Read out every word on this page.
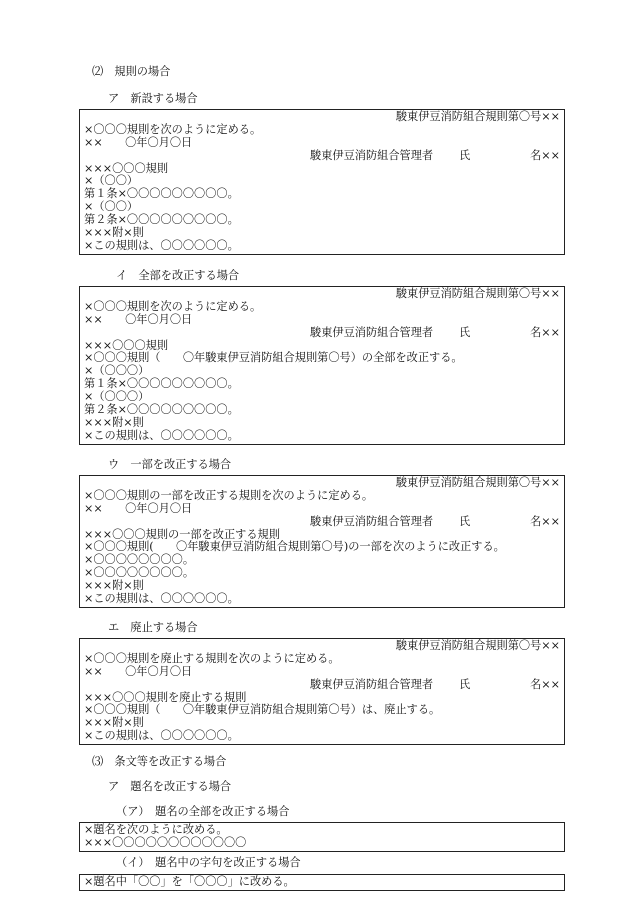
⑵　規則の場合
ア　新設する場合
駿東伊豆消防組合規則第〇号××
×〇〇〇規則を次のように定める。
××　　〇年〇月〇日
駿東伊豆消防組合管理者 氏	名××
×××〇〇〇規則
×（〇〇）
第１条×〇〇〇〇〇〇〇〇〇。
×（〇〇）
第２条×〇〇〇〇〇〇〇〇〇。
×××附×則
×この規則は、〇〇〇〇〇〇。
イ　全部を改正する場合
駿東伊豆消防組合規則第〇号××
×〇〇〇規則を次のように定める。
××　　〇年〇月〇日
駿東伊豆消防組合管理者 氏	名××
×××〇〇〇規則
×〇〇〇規則（　　〇年駿東伊豆消防組合規則第〇号）の全部を改正する。
×（〇〇〇）
第１条×〇〇〇〇〇〇〇〇〇。
×（〇〇〇）
第２条×〇〇〇〇〇〇〇〇〇。
×××附×則
×この規則は、〇〇〇〇〇〇。
ウ　一部を改正する場合
駿東伊豆消防組合規則第〇号××
×〇〇〇規則の一部を改正する規則を次のように定める。
××　　〇年〇月〇日
駿東伊豆消防組合管理者 氏	名××
×××〇〇〇規則の一部を改正する規則
×〇〇〇規則(　　〇年駿東伊豆消防組合規則第〇号)の一部を次のように改正する。
×〇〇〇〇〇〇〇〇。
×〇〇〇〇〇〇〇〇。
×××附×則
×この規則は、〇〇〇〇〇〇。
エ　廃止する場合
駿東伊豆消防組合規則第〇号××
×〇〇〇規則を廃止する規則を次のように定める。
××　　〇年〇月〇日
駿東伊豆消防組合管理者 氏	名××
×××〇〇〇規則を廃止する規則
×〇〇〇規則（　　〇年駿東伊豆消防組合規則第〇号）は、廃止する。
×××附×則
×この規則は、〇〇〇〇〇〇。
⑶　条文等を改正する場合
ア　題名を改正する場合
（ア）　題名の全部を改正する場合
×題名を次のように改める。
×××〇〇〇〇〇〇〇〇〇〇〇〇
（イ）　題名中の字句を改正する場合
×題名中「〇〇」を「〇〇〇」に改める。
